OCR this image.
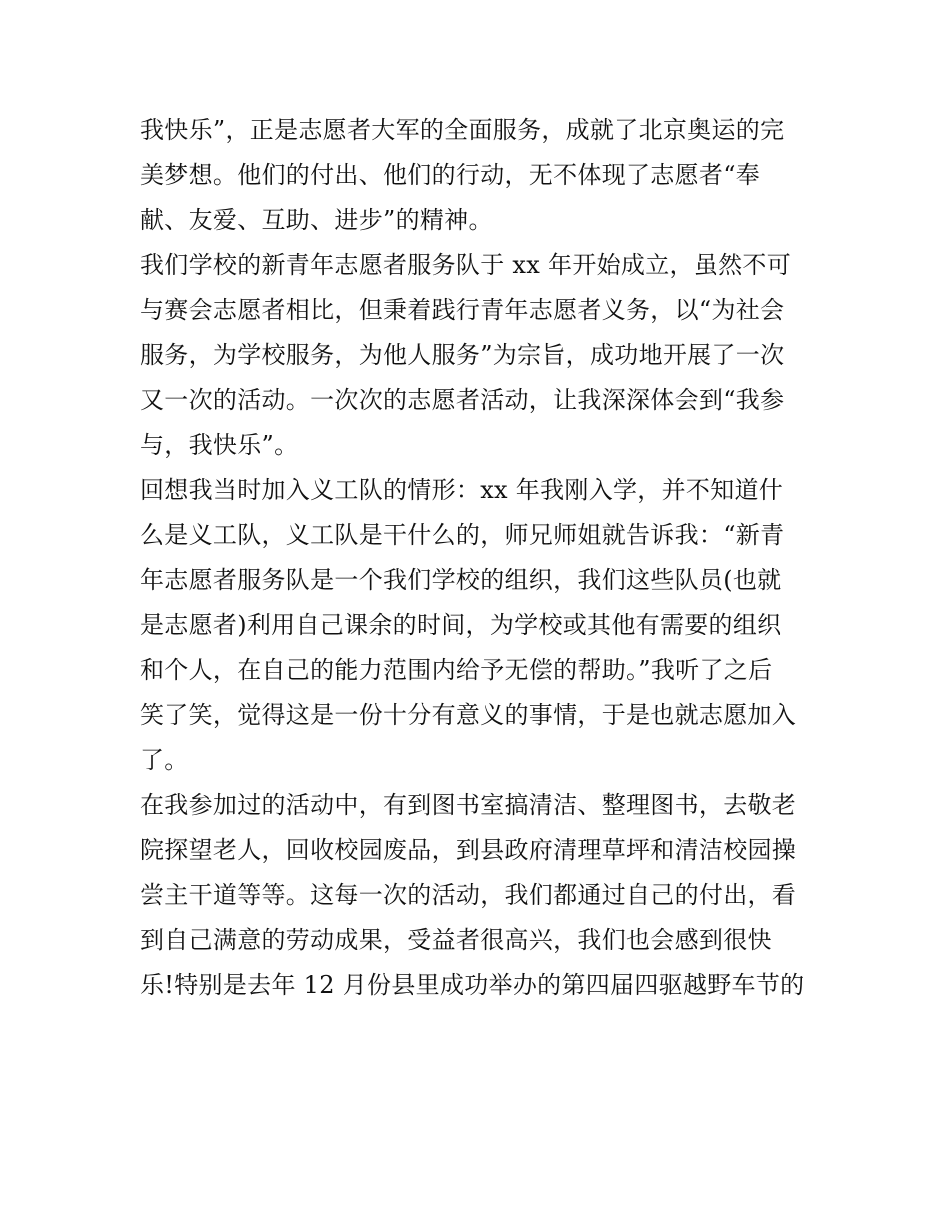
我快乐”，正是志愿者大军的全面服务，成就了北京奥运的完
美梦想。他们的付出、他们的行动，无不体现了志愿者“奉
献、友爱、互助、进步”的精神。
我们学校的新青年志愿者服务队于 xx 年开始成立，虽然不可
与赛会志愿者相比，但秉着践行青年志愿者义务，以“为社会
服务，为学校服务，为他人服务”为宗旨，成功地开展了一次
又一次的活动。一次次的志愿者活动，让我深深体会到“我参
与，我快乐”。
回想我当时加入义工队的情形：xx 年我刚入学，并不知道什
么是义工队，义工队是干什么的，师兄师姐就告诉我：“新青
年志愿者服务队是一个我们学校的组织，我们这些队员(也就
是志愿者)利用自己课余的时间，为学校或其他有需要的组织
和个人，在自己的能力范围内给予无偿的帮助。”我听了之后
笑了笑，觉得这是一份十分有意义的事情，于是也就志愿加入
了。
在我参加过的活动中，有到图书室搞清洁、整理图书，去敬老
院探望老人，回收校园废品，到县政府清理草坪和清洁校园操
尝主干道等等。这每一次的活动，我们都通过自己的付出，看
到自己满意的劳动成果，受益者很高兴，我们也会感到很快
乐!特别是去年 12 月份县里成功举办的第四届四驱越野车节的
